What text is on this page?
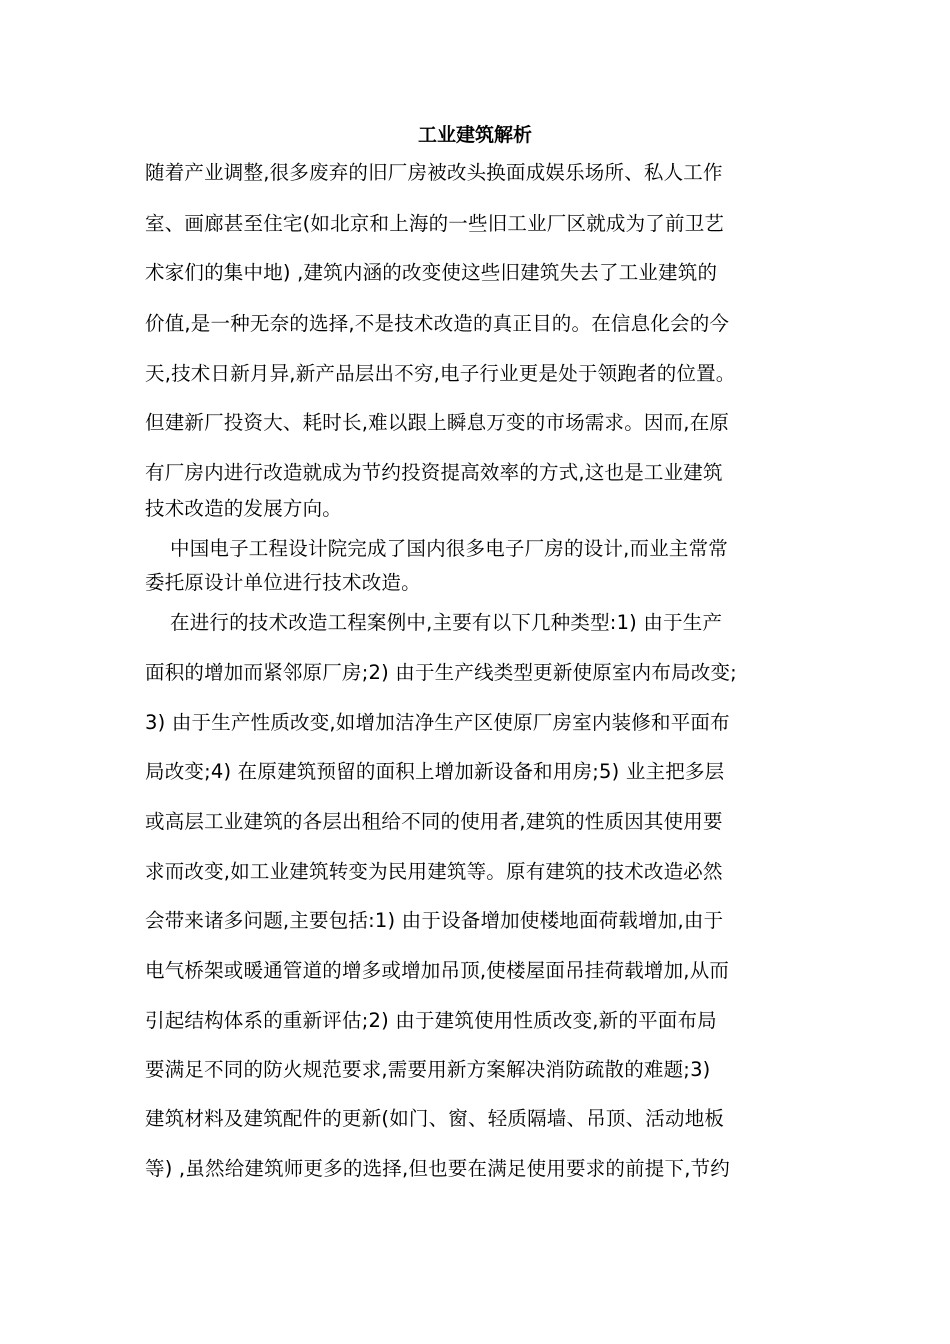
工业建筑解析
随着产业调整,很多废弃的旧厂房被改头换面成娱乐场所、私人工作
室、画廊甚至住宅(如北京和上海的一些旧工业厂区就成为了前卫艺
术家们的集中地) ,建筑内涵的改变使这些旧建筑失去了工业建筑的
价值,是一种无奈的选择,不是技术改造的真正目的。在信息化会的今
天,技术日新月异,新产品层出不穷,电子行业更是处于领跑者的位置。
但建新厂投资大、耗时长,难以跟上瞬息万变的市场需求。因而,在原
有厂房内进行改造就成为节约投资提高效率的方式,这也是工业建筑
技术改造的发展方向。
中国电子工程设计院完成了国内很多电子厂房的设计,而业主常常
委托原设计单位进行技术改造。
在进行的技术改造工程案例中,主要有以下几种类型:1) 由于生产
面积的增加而紧邻原厂房;2) 由于生产线类型更新使原室内布局改变;
3) 由于生产性质改变,如增加洁净生产区使原厂房室内装修和平面布
局改变;4) 在原建筑预留的面积上增加新设备和用房;5) 业主把多层
或高层工业建筑的各层出租给不同的使用者,建筑的性质因其使用要
求而改变,如工业建筑转变为民用建筑等。原有建筑的技术改造必然
会带来诸多问题,主要包括:1) 由于设备增加使楼地面荷载增加,由于
电气桥架或暖通管道的增多或增加吊顶,使楼屋面吊挂荷载增加,从而
引起结构体系的重新评估;2) 由于建筑使用性质改变,新的平面布局
要满足不同的防火规范要求,需要用新方案解决消防疏散的难题;3)
建筑材料及建筑配件的更新(如门、窗、轻质隔墙、吊顶、活动地板
等) ,虽然给建筑师更多的选择,但也要在满足使用要求的前提下,节约
